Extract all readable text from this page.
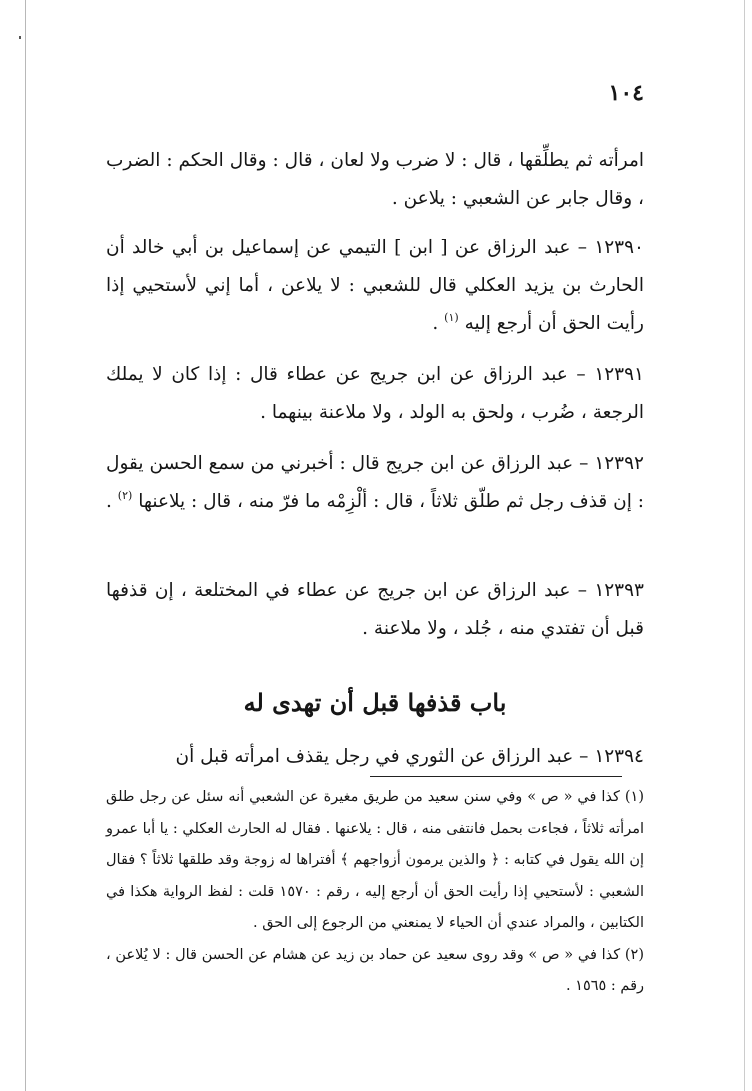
١٠٤

امرأته ثم يطلِّقها ، قال : لا ضرب ولا لعان ، قال : وقال الحكم : الضرب ، وقال جابر عن الشعبي : يلاعن .

١٢٣٩٠ – عبد الرزاق عن [ ابن ] التيمي عن إسماعيل بن أبي خالد أن الحارث بن يزيد العكلي قال للشعبي : لا يلاعن ، أما إني لأستحيي إذا رأيت الحق أن أرجع إليه $^{(١)}$ .

١٢٣٩١ – عبد الرزاق عن ابن جريج عن عطاء قال : إذا كان لا يملك الرجعة ، ضُرب ، ولحق به الولد ، ولا ملاعنة بينهما .

١٢٣٩٢ – عبد الرزاق عن ابن جريج قال : أخبرني من سمع الحسن يقول : إن قذف رجل ثم طلّق ثلاثاً ، قال : ألْزِمْه ما فرّ منه ، قال : يلاعنها $^{(٢)}$ .

١٢٣٩٣ – عبد الرزاق عن ابن جريج عن عطاء في المختلعة ، إن قذفها قبل أن تفتدي منه ، جُلد ، ولا ملاعنة .

باب قذفها قبل أن تهدى له

١٢٣٩٤ – عبد الرزاق عن الثوري في رجل يقذف امرأته قبل أن

(١) كذا في « ص » وفي سنن سعيد من طريق مغيرة عن الشعبي أنه سئل عن رجل طلق امرأته ثلاثاً ، فجاءت بحمل فانتفى منه ، قال : يلاعنها . فقال له الحارث العكلي : يا أبا عمرو إن الله يقول في كتابه : ﴿ والذين يرمون أزواجهم ﴾ أفتراها له زوجة وقد طلقها ثلاثاً ؟ فقال الشعبي : لأستحيي إذا رأيت الحق أن أرجع إليه ، رقم : ١٥٧٠ قلت : لفظ الرواية هكذا في الكتابين ، والمراد عندي أن الحياء لا يمنعني من الرجوع إلى الحق .

(٢) كذا في « ص » وقد روى سعيد عن حماد بن زيد عن هشام عن الحسن قال : لا يُلاعن ، رقم : ١٥٦٥ .
